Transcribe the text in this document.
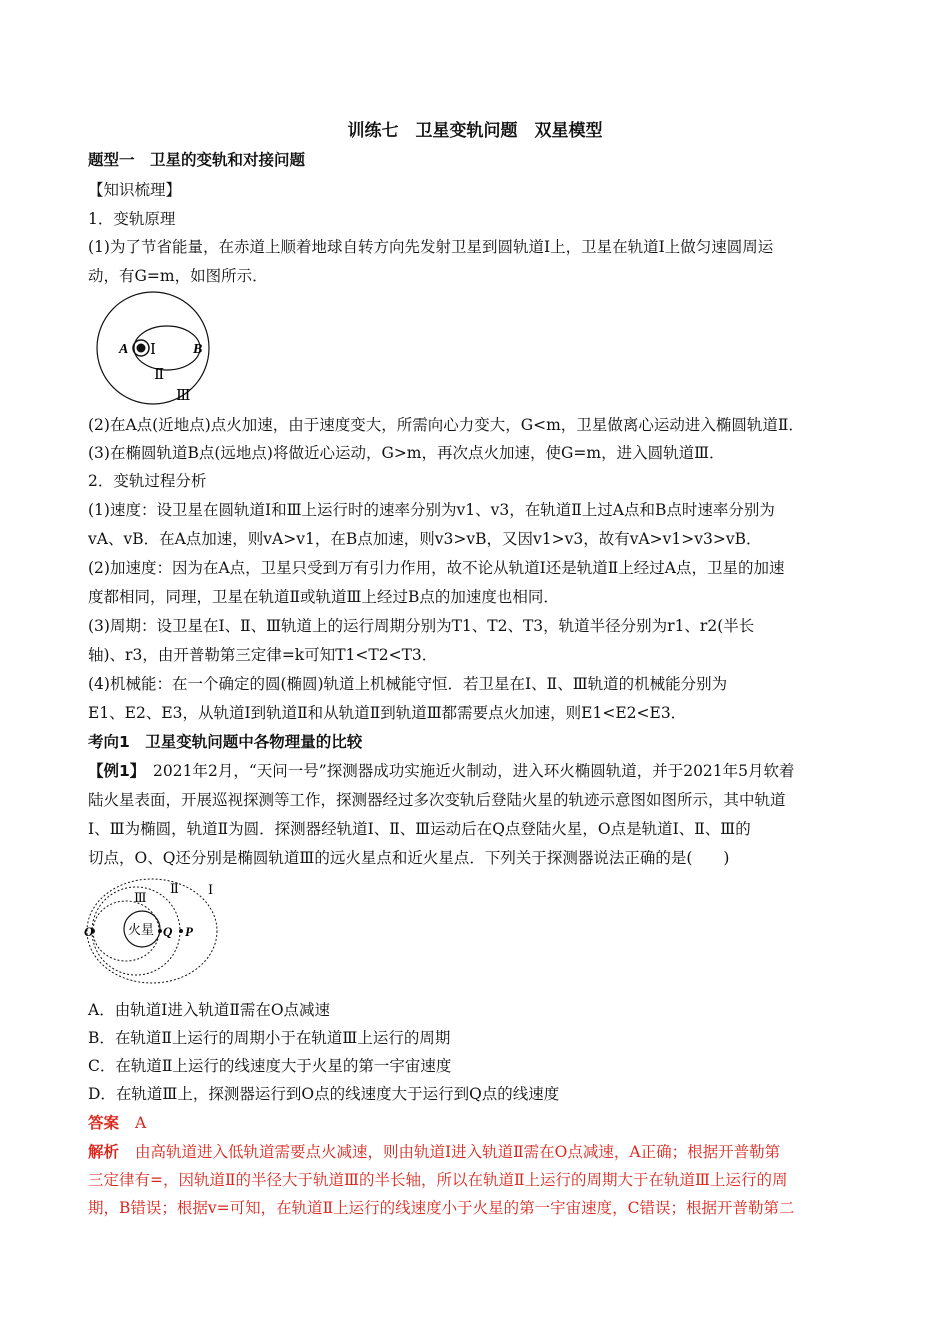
训练七　卫星变轨问题　双星模型
题型一　卫星的变轨和对接问题
【知识梳理】
1．变轨原理
(1)为了节省能量，在赤道上顺着地球自转方向先发射卫星到圆轨道Ⅰ上，卫星在轨道Ⅰ上做匀速圆周运
动，有G=m，如图所示．
A Ⅰ	B
Ⅱ
Ⅲ
(2)在A点(近地点)点火加速，由于速度变大，所需向心力变大，G<m，卫星做离心运动进入椭圆轨道Ⅱ．
(3)在椭圆轨道B点(远地点)将做近心运动，G>m，再次点火加速，使G=m，进入圆轨道Ⅲ．
2．变轨过程分析
(1)速度：设卫星在圆轨道Ⅰ和Ⅲ上运行时的速率分别为v1、v3，在轨道Ⅱ上过A点和B点时速率分别为
vA、vB．在A点加速，则vA>v1，在B点加速，则v3>vB，又因v1>v3，故有vA>v1>v3>vB．
(2)加速度：因为在A点，卫星只受到万有引力作用，故不论从轨道Ⅰ还是轨道Ⅱ上经过A点，卫星的加速
度都相同，同理，卫星在轨道Ⅱ或轨道Ⅲ上经过B点的加速度也相同．
(3)周期：设卫星在Ⅰ、Ⅱ、Ⅲ轨道上的运行周期分别为T1、T2、T3，轨道半径分别为r1、r2(半长
轴)、r3，由开普勒第三定律=k可知T1<T2<T3．
(4)机械能：在一个确定的圆(椭圆)轨道上机械能守恒．若卫星在Ⅰ、Ⅱ、Ⅲ轨道的机械能分别为
E1、E2、E3，从轨道Ⅰ到轨道Ⅱ和从轨道Ⅱ到轨道Ⅲ都需要点火加速，则E1<E2<E3．
考向1　卫星变轨问题中各物理量的比较
【例1】　2021年2月，“天问一号”探测器成功实施近火制动，进入环火椭圆轨道，并于2021年5月软着
陆火星表面，开展巡视探测等工作，探测器经过多次变轨后登陆火星的轨迹示意图如图所示，其中轨道
Ⅰ、Ⅲ为椭圆，轨道Ⅱ为圆．探测器经轨道Ⅰ、Ⅱ、Ⅲ运动后在Q点登陆火星，O点是轨道Ⅰ、Ⅱ、Ⅲ的
切点，O、Q还分别是椭圆轨道Ⅲ的远火星点和近火星点．下列关于探测器说法正确的是(　　)
火星
O	Q P
Ⅲ
Ⅱ Ⅰ
A．由轨道Ⅰ进入轨道Ⅱ需在O点减速
B．在轨道Ⅱ上运行的周期小于在轨道Ⅲ上运行的周期
C．在轨道Ⅱ上运行的线速度大于火星的第一宇宙速度
D．在轨道Ⅲ上，探测器运行到O点的线速度大于运行到Q点的线速度
答案 A
解析 由高轨道进入低轨道需要点火减速，则由轨道Ⅰ进入轨道Ⅱ需在O点减速，A正确；根据开普勒第
三定律有=，因轨道Ⅱ的半径大于轨道Ⅲ的半长轴，所以在轨道Ⅱ上运行的周期大于在轨道Ⅲ上运行的周
期，B错误；根据v=可知，在轨道Ⅱ上运行的线速度小于火星的第一宇宙速度，C错误；根据开普勒第二
